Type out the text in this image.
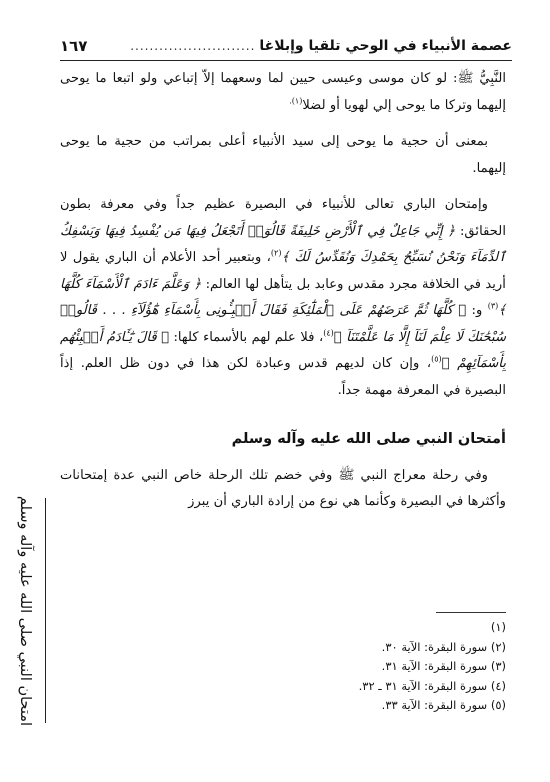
عصمة الأنبياء في الوحي تلقيا وإبلاغا
..........................
١٦٧

النَّبِيُّ ﷺ: لو كان موسى وعيسى حيين لما وسعهما إلاّ إتباعي ولو اتبعا ما يوحى إليهما وتركا ما يوحى إلي لهويا أو لضلا$^{(١).}$

بمعنى أن حجية ما يوحى إلى سيد الأنبياء أعلى بمراتب من حجية ما يوحى إليهما.

وإمتحان الباري تعالى للأنبياء في البصيرة عظيم جداً وفي معرفة بطون الحقائق: ﴿ إِنِّي جَاعِلٌ فِي ٱلْأَرْضِ خَلِيفَةً قَالُوٓا۟ أَتَجْعَلُ فِيهَا مَن يُفْسِدُ فِيهَا وَيَسْفِكُ ٱلدِّمَآءَ وَنَحْنُ نُسَبِّحُ بِحَمْدِكَ وَنُقَدِّسُ لَكَ ﴾$^{(٢)}$، وبتعبير أحد الأعلام أن الباري يقول لا أريد في الخلافة مجرد مقدس وعابد بل يتأهل لها العالم: ﴿ وَعَلَّمَ ءَادَمَ ٱلْأَسْمَآءَ كُلَّهَا ﴾$^{(٣)}$ و: ﴿ كُلَّهَا ثُمَّ عَرَضَهُمْ عَلَى ٱلْمَلَٰٓئِكَةِ فَقَالَ أَنۢبِـُٔونِى بِأَسْمَآءِ هَٰٓؤُلَآءِ . . . قَالُوا۟ سُبْحَٰنَكَ لَا عِلْمَ لَنَآ إِلَّا مَا عَلَّمْتَنَآ ﴾$^{(٤)}$، فلا علم لهم بالأسماء كلها: ﴿ قَالَ يَٰٓـَٔادَمُ أَنۢبِئْهُم بِأَسْمَآئِهِمْ ﴾$^{(٥)}$، وإن كان لديهم قدس وعبادة لكن هذا في دون ظل العلم. إذاً البصيرة في المعرفة مهمة جداً.

أمتحان النبي صلى الله عليه وآله وسلم

وفي رحلة معراج النبي ﷺ وفي خضم تلك الرحلة خاص النبي عدة إمتحانات وأكثرها في البصيرة وكأنما هي نوع من إرادة الباري أن يبرز

امتحان النبي صلى الله عليه وآله وسلم	(١)
(٢) سورة البقرة: الآية ٣٠.
(٣) سورة البقرة: الآية ٣١.
(٤) سورة البقرة: الآية ٣١ ـ ٣٢.
(٥) سورة البقرة: الآية ٣٣.
